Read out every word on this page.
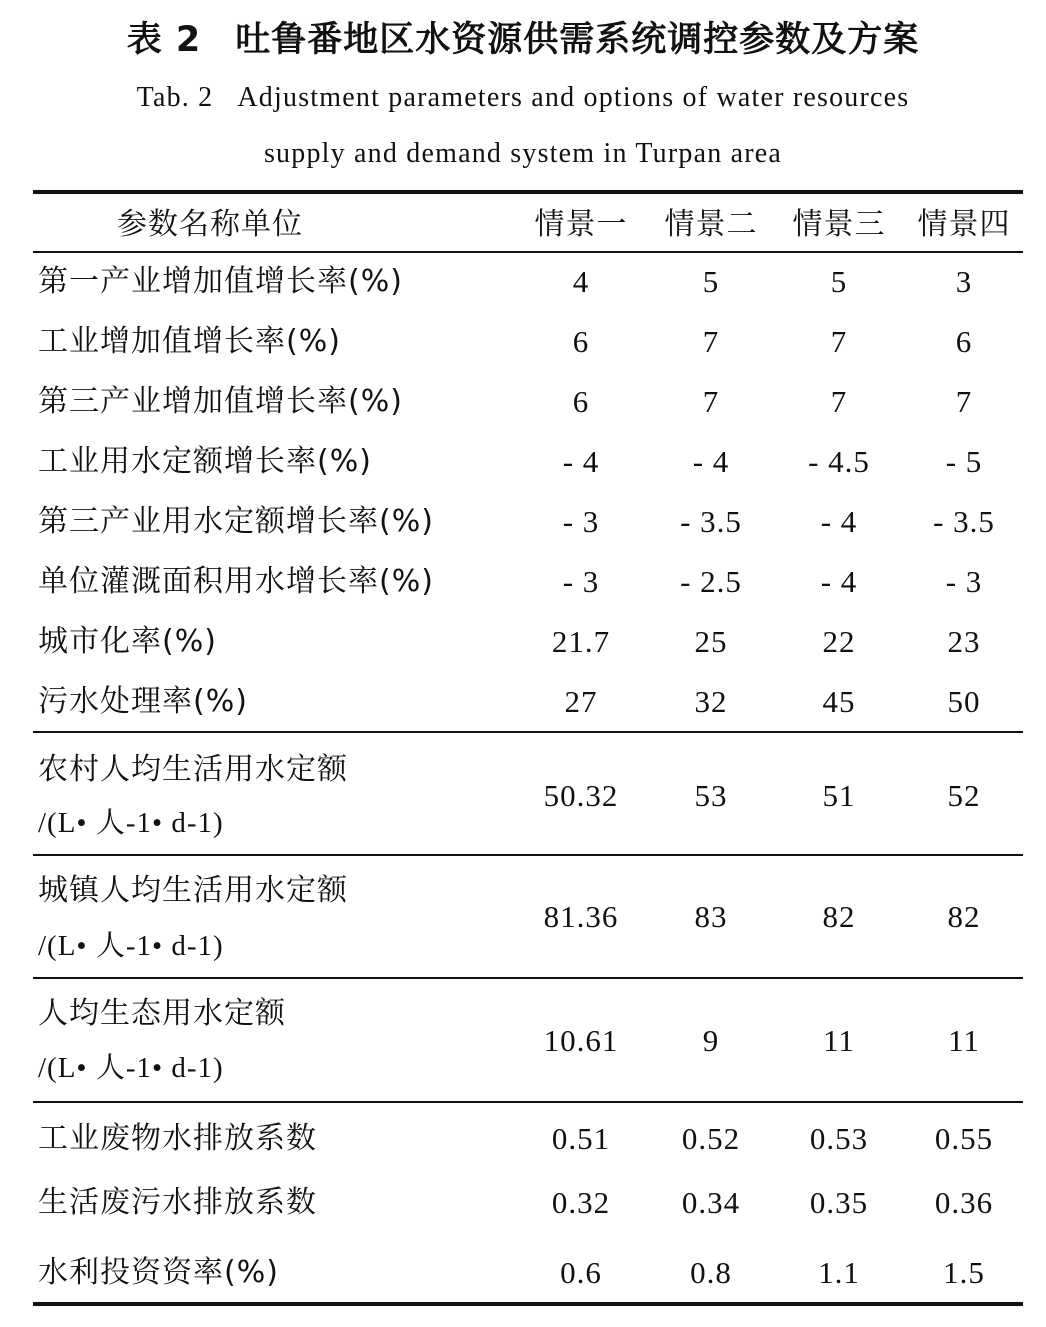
表 2 吐鲁番地区水资源供需系统调控参数及方案
Tab. 2 Adjustment parameters and options of water resources
supply and demand system in Turpan area
参数名称单位	情景一	情景二	情景三	情景四
第一产业增加值增长率(%)	4	5	5	3
工业增加值增长率(%)	6	7	7	6
第三产业增加值增长率(%)	6	7	7	7
工业用水定额增长率(%)	- 4	- 4	- 4.5	- 5
第三产业用水定额增长率(%)	- 3	- 3.5	- 4	- 3.5
单位灌溉面积用水增长率(%)	- 3	- 2.5	- 4	- 3
城市化率(%)	21.7	25	22	23
污水处理率(%)	27	32	45	50
农村人均生活用水定额
/(L• 人-1• d-1)
50.32	53	51	52
城镇人均生活用水定额
/(L• 人-1• d-1)
81.36	83	82	82
人均生态用水定额
/(L• 人-1• d-1)
10.61	9	11	11
工业废物水排放系数	0.51	0.52	0.53	0.55
生活废污水排放系数	0.32	0.34	0.35	0.36
水利投资资率(%)	0.6	0.8	1.1	1.5
